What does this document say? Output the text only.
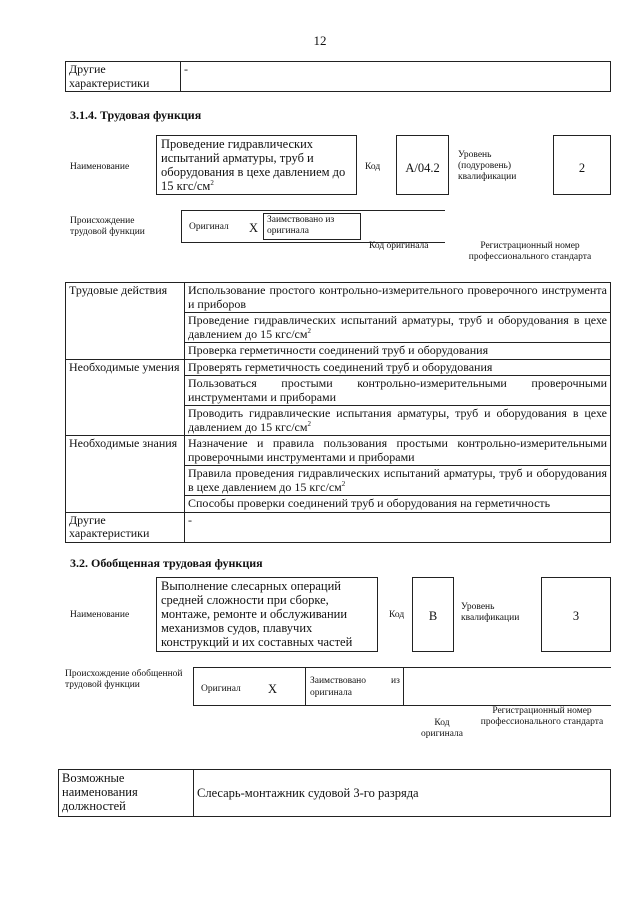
12
Другие характеристики	-
3.1.4. Трудовая функция
Наименование
Проведение гидравлических испытаний арматуры, труб и оборудования в цехе давлением до 15 кгс/$см^2$
Код	А/04.2
Уровень (подуровень) квалификации
2
Происхождение трудовой функции	Оригинал X
Заимствовано из оригинала
Код оригинала	Регистрационный номер профессионального стандарта
Трудовые действия	Использование простого контрольно-измерительного проверочного инструмента и приборов
	Проведение гидравлических испытаний арматуры, труб и оборудования в цехе давлением до 15 кгс/$см^2$
	Проверка герметичности соединений труб и оборудования
Необходимые умения	Проверять герметичность соединений труб и оборудования
	Пользоваться простыми контрольно-измерительными проверочными инструментами и приборами
	Проводить гидравлические испытания арматуры, труб и оборудования в цехе давлением до 15 кгс/$см^2$
Необходимые знания	Назначение и правила пользования простыми контрольно-измерительными проверочными инструментами и приборами
	Правила проведения гидравлических испытаний арматуры, труб и оборудования в цехе давлением до 15 кгс/$см^2$
	Способы проверки соединений труб и оборудования на герметичность
Другие характеристики	-
3.2. Обобщенная трудовая функция
Наименование
Выполнение слесарных операций средней сложности при сборке, монтаже, ремонте и обслуживании механизмов судов, плавучих конструкций и их составных частей
Код	В
Уровень квалификации	3
Происхождение обобщенной трудовой функции	Оригинал X
Заимствовано	из
оригинала
Код оригинала
Регистрационный номер профессионального стандарта
Возможные наименования должностей	Слесарь-монтажник судовой 3-го разряда
